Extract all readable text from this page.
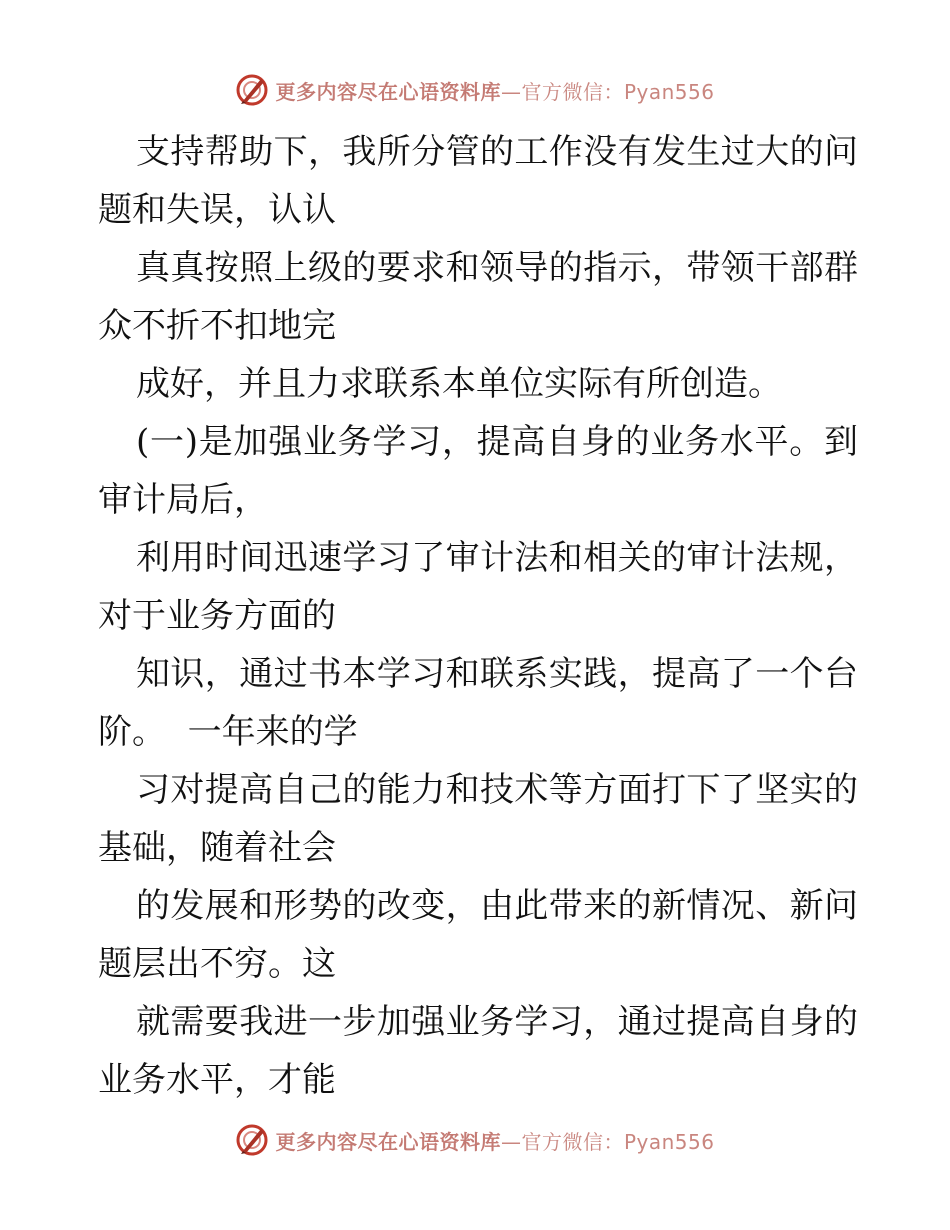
更多内容尽在心语资料库—官方微信：Pyan556
支持帮助下，我所分管的工作没有发生过大的问
题和失误，认认
真真按照上级的要求和领导的指示，带领干部群
众不折不扣地完
成好，并且力求联系本单位实际有所创造。
(一)是加强业务学习，提高自身的业务水平。到
审计局后，
利用时间迅速学习了审计法和相关的审计法规，
对于业务方面的
知识，通过书本学习和联系实践，提高了一个台
阶。  一年来的学
习对提高自己的能力和技术等方面打下了坚实的
基础，随着社会
的发展和形势的改变，由此带来的新情况、新问
题层出不穷。这
就需要我进一步加强业务学习，通过提高自身的
业务水平，才能
更多内容尽在心语资料库—官方微信：Pyan556
